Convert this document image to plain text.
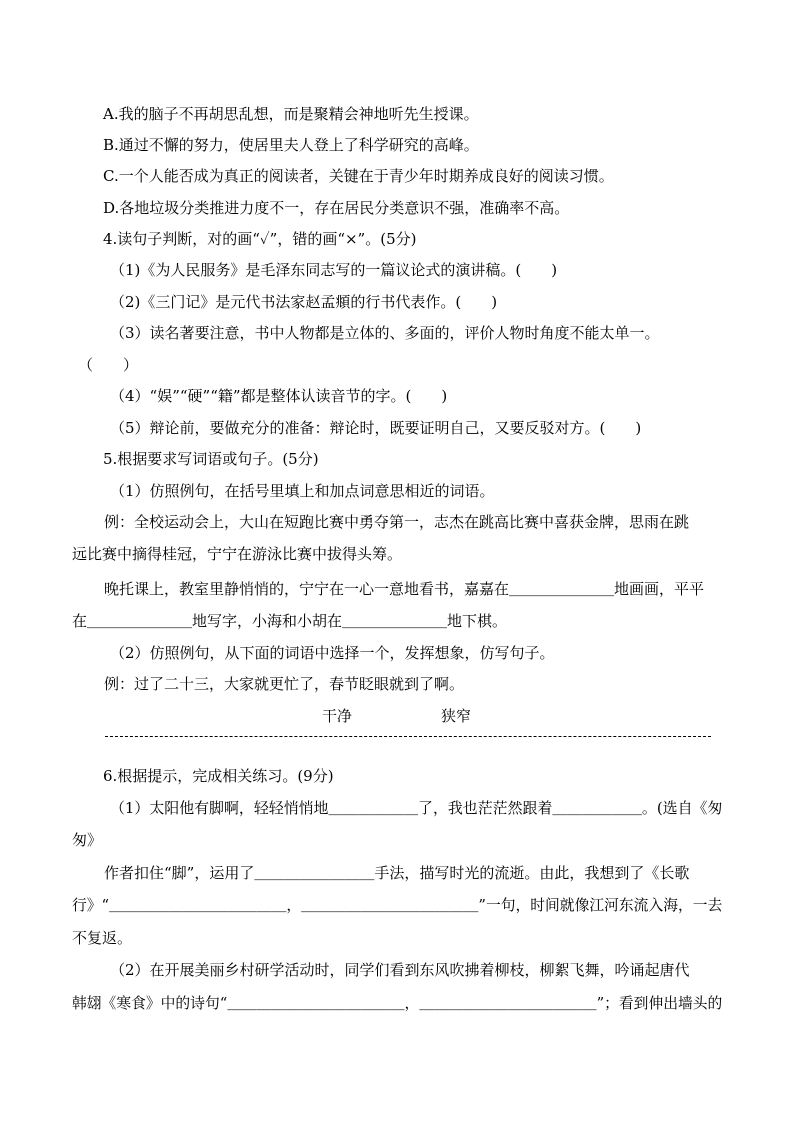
A.我的脑子不再胡思乱想，而是聚精会神地听先生授课。
B.通过不懈的努力，使居里夫人登上了科学研究的高峰。
C.一个人能否成为真正的阅读者，关键在于青少年时期养成良好的阅读习惯。
D.各地垃圾分类推进力度不一，存在居民分类意识不强，准确率不高。
4.读句子判断，对的画“✓”，错的画“×”。(5分)
（1)《为人民服务》是毛泽东同志写的一篇议论式的演讲稿。(　　)
（2)《三门记》是元代书法家赵孟頫的行书代表作。(　　)
（3）读名著要注意，书中人物都是立体的、多面的，评价人物时角度不能太单一。
（　　）
（4）“娱”“硬”“籍”都是整体认读音节的字。(　　)
（5）辩论前，要做充分的准备：辩论时，既要证明自己，又要反驳对方。(　　)
5.根据要求写词语或句子。(5分)
（1）仿照例句，在括号里填上和加点词意思相近的词语。
例：全校运动会上，大山在短跑比赛中勇夺第一，志杰在跳高比赛中喜获金牌，思雨在跳
远比赛中摘得桂冠，宁宁在游泳比赛中拔得头筹。
晚托课上，教室里静悄悄的，宁宁在一心一意地看书，嘉嘉在＿＿＿＿＿＿＿地画画，平平
在＿＿＿＿＿＿＿地写字，小海和小胡在＿＿＿＿＿＿＿地下棋。
（2）仿照例句，从下面的词语中选择一个，发挥想象，仿写句子。
例：过了二十三，大家就更忙了，春节眨眼就到了啊。
干净	狭窄
6.根据提示，完成相关练习。(9分)
（1）太阳他有脚啊，轻轻悄悄地＿＿＿＿＿＿了，我也茫茫然跟着＿＿＿＿＿＿。(选自《匆
匆》
作者扣住“脚”，运用了＿＿＿＿＿＿＿＿手法，描写时光的流逝。由此，我想到了《长歌
行》“＿＿＿＿＿＿＿＿＿＿＿＿，＿＿＿＿＿＿＿＿＿＿＿＿”一句，时间就像江河东流入海，一去
不复返。
（2）在开展美丽乡村研学活动时，同学们看到东风吹拂着柳枝，柳絮飞舞，吟诵起唐代
韩翃《寒食》中的诗句“＿＿＿＿＿＿＿＿＿＿＿＿，＿＿＿＿＿＿＿＿＿＿＿＿”；看到伸出墙头的
